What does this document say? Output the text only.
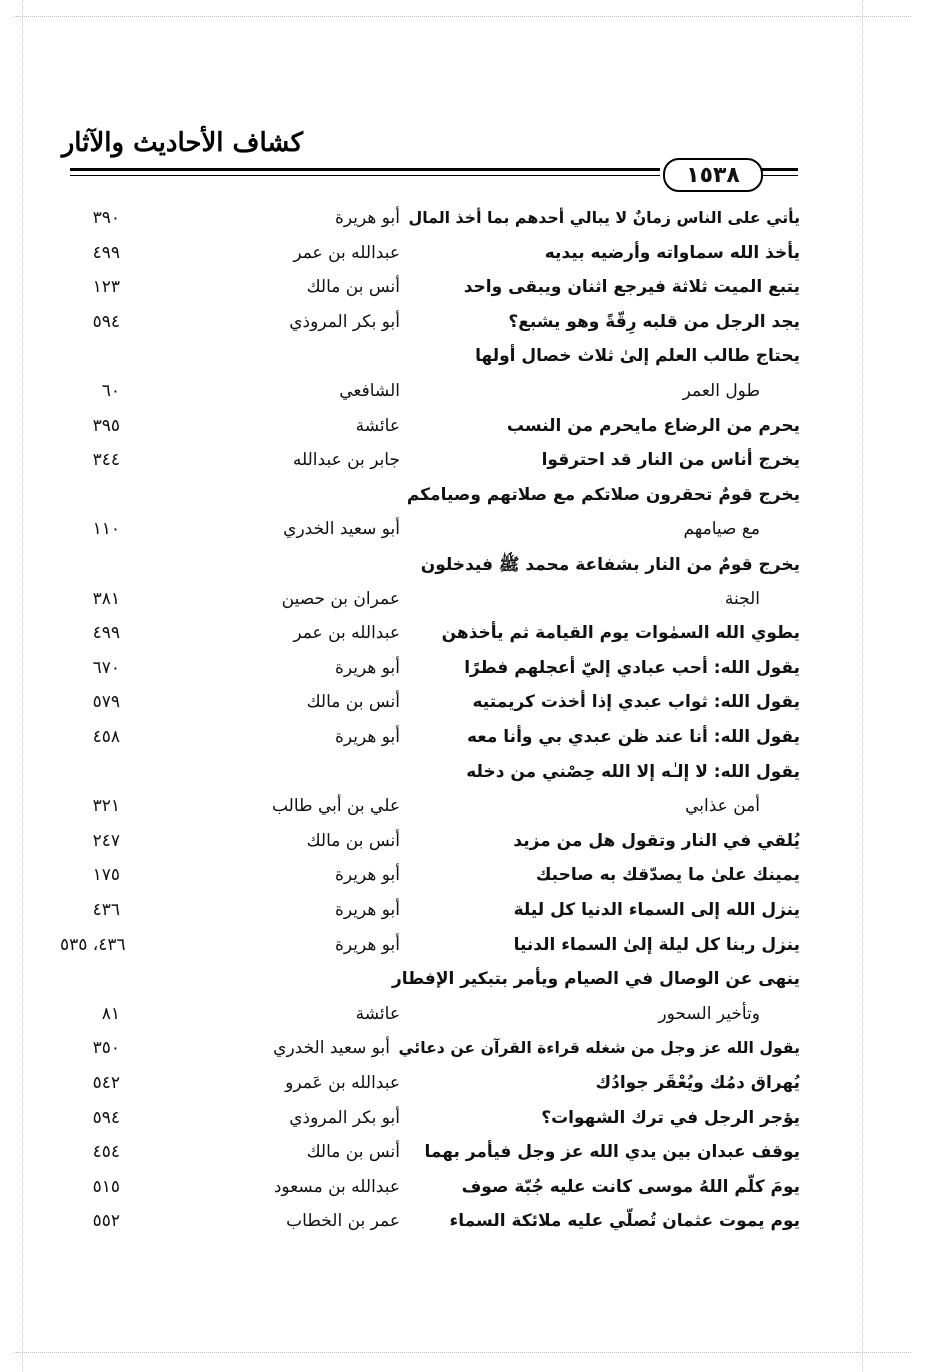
كشاف الأحاديث والآثار
١٥٣٨
يأتي على الناس زمانٌ لا يبالي أحدهم بما أخذ المال
أبو هريرة
٣٩٠
يأخذ الله سماواته وأرضيه بيديه
عبدالله بن عمر
٤٩٩
يتبع الميت ثلاثة فيرجع اثنان ويبقى واحد
أنس بن مالك
١٢٣
يجد الرجل من قلبه رِقّةً وهو يشبع؟
أبو بكر المروذي
٥٩٤
يحتاج طالب العلم إلىٰ ثلاث خصال أولها
طول العمر
الشافعي
٦٠
يحرم من الرضاع مايحرم من النسب
عائشة
٣٩٥
يخرج أناس من النار قد احترقوا
جابر بن عبدالله
٣٤٤
يخرج قومٌ تحقرون صلاتكم مع صلاتهم وصيامكم
مع صيامهم
أبو سعيد الخدري
١١٠
يخرج قومٌ من النار بشفاعة محمد ﷺ فيدخلون
الجنة
عمران بن حصين
٣٨١
يطوي الله السمٰوات يوم القيامة ثم يأخذهن
عبدالله بن عمر
٤٩٩
يقول الله: أحب عبادي إليّ أعجلهم فطرًا
أبو هريرة
٦٧٠
يقول الله: ثواب عبدي إذا أخذت كريمتيه
أنس بن مالك
٥٧٩
يقول الله: أنا عند ظن عبدي بي وأنا معه
أبو هريرة
٤٥٨
يقول الله: لا إلـٰه إلا الله حِصْني من دخله
أمن عذابي
علي بن أبي طالب
٣٢١
يُلقي في النار وتقول هل من مزيد
أنس بن مالك
٢٤٧
يمينك علىٰ ما يصدّقك به صاحبك
أبو هريرة
١٧٥
ينزل الله إلى السماء الدنيا كل ليلة
أبو هريرة
٤٣٦
ينزل ربنا كل ليلة إلىٰ السماء الدنيا
أبو هريرة
٤٣٦، ٥٣٥
ينهى عن الوصال في الصيام ويأمر بتبكير الإفطار
وتأخير السحور
عائشة
٨١
يقول الله عز وجل من شغله قراءة القرآن عن دعائي
أبو سعيد الخدري
٣٥٠
يُهراق دمُك ويُعْقَر جوادُك
عبدالله بن عَمرو
٥٤٢
يؤجر الرجل في ترك الشهوات؟
أبو بكر المروذي
٥٩٤
يوقف عبدان بين يدي الله عز وجل فيأمر بهما
أنس بن مالك
٤٥٤
يومَ كلّم اللهُ موسى كانت عليه جُبّة صوف
عبدالله بن مسعود
٥١٥
يوم يموت عثمان تُصلّي عليه ملائكة السماء
عمر بن الخطاب
٥٥٢
